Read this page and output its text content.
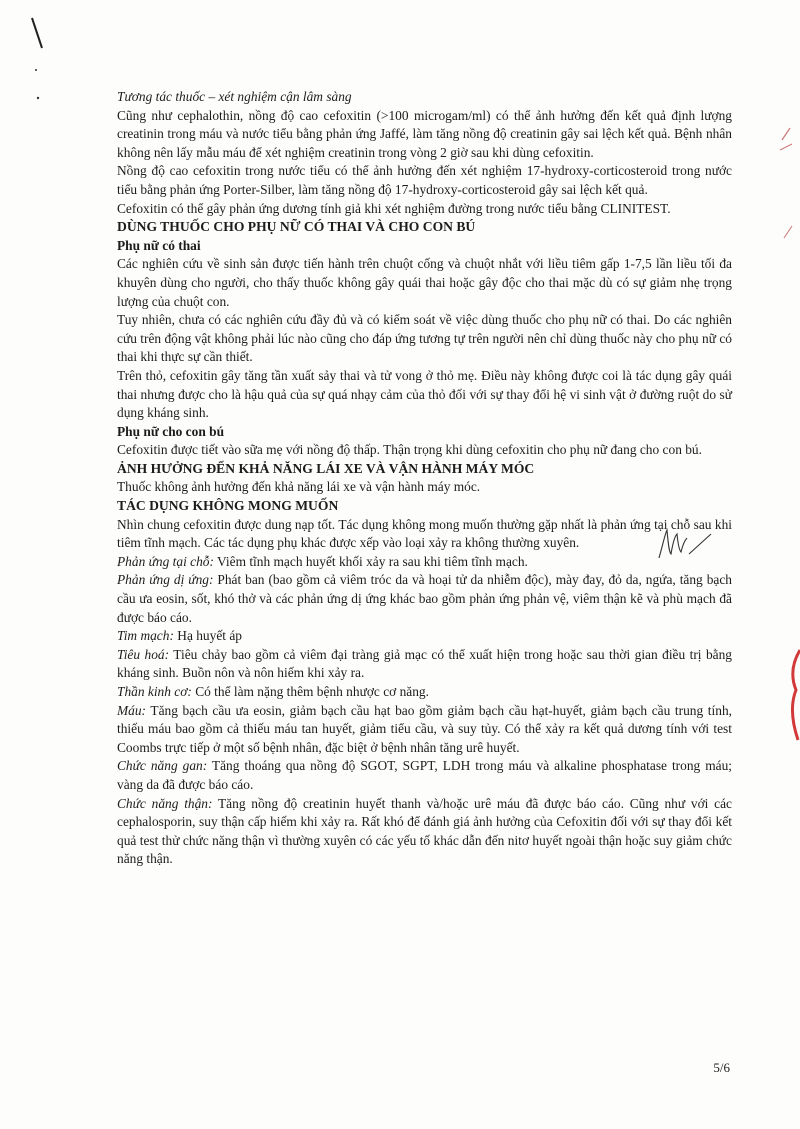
Tương tác thuốc – xét nghiệm cận lâm sàng

Cũng như cephalothin, nồng độ cao cefoxitin (>100 microgam/ml) có thể ảnh hưởng đến kết quả định lượng creatinin trong máu và nước tiểu bằng phản ứng Jaffé, làm tăng nồng độ creatinin gây sai lệch kết quả. Bệnh nhân không nên lấy mẫu máu để xét nghiệm creatinin trong vòng 2 giờ sau khi dùng cefoxitin.

Nồng độ cao cefoxitin trong nước tiểu có thể ảnh hưởng đến xét nghiệm 17-hydroxy-corticosteroid trong nước tiểu bằng phản ứng Porter-Silber, làm tăng nồng độ 17-hydroxy-corticosteroid gây sai lệch kết quả.

Cefoxitin có thể gây phản ứng dương tính giả khi xét nghiệm đường trong nước tiểu bằng CLINITEST.

DÙNG THUỐC CHO PHỤ NỮ CÓ THAI VÀ CHO CON BÚ

Phụ nữ có thai

Các nghiên cứu về sinh sản được tiến hành trên chuột cống và chuột nhắt với liều tiêm gấp 1-7,5 lần liều tối đa khuyên dùng cho người, cho thấy thuốc không gây quái thai hoặc gây độc cho thai mặc dù có sự giảm nhẹ trọng lượng của chuột con.

Tuy nhiên, chưa có các nghiên cứu đầy đủ và có kiểm soát về việc dùng thuốc cho phụ nữ có thai. Do các nghiên cứu trên động vật không phải lúc nào cũng cho đáp ứng tương tự trên người nên chỉ dùng thuốc này cho phụ nữ có thai khi thực sự cần thiết.

Trên thỏ, cefoxitin gây tăng tần xuất sảy thai và tử vong ở thỏ mẹ. Điều này không được coi là tác dụng gây quái thai nhưng được cho là hậu quả của sự quá nhạy cảm của thỏ đối với sự thay đổi hệ vi sinh vật ở đường ruột do sử dụng kháng sinh.

Phụ nữ cho con bú

Cefoxitin được tiết vào sữa mẹ với nồng độ thấp. Thận trọng khi dùng cefoxitin cho phụ nữ đang cho con bú.

ẢNH HƯỞNG ĐẾN KHẢ NĂNG LÁI XE VÀ VẬN HÀNH MÁY MÓC

Thuốc không ảnh hưởng đến khả năng lái xe và vận hành máy móc.

TÁC DỤNG KHÔNG MONG MUỐN

Nhìn chung cefoxitin được dung nạp tốt. Tác dụng không mong muốn thường gặp nhất là phản ứng tại chỗ sau khi tiêm tĩnh mạch. Các tác dụng phụ khác được xếp vào loại xảy ra không thường xuyên.

Phản ứng tại chỗ: Viêm tĩnh mạch huyết khối xảy ra sau khi tiêm tĩnh mạch.

Phản ứng dị ứng: Phát ban (bao gồm cả viêm tróc da và hoại tử da nhiễm độc), mày đay, đỏ da, ngứa, tăng bạch cầu ưa eosin, sốt, khó thở và các phản ứng dị ứng khác bao gồm phản ứng phản vệ, viêm thận kẽ và phù mạch đã được báo cáo.

Tim mạch: Hạ huyết áp

Tiêu hoá: Tiêu chảy bao gồm cả viêm đại tràng giả mạc có thể xuất hiện trong hoặc sau thời gian điều trị bằng kháng sinh. Buồn nôn và nôn hiếm khi xảy ra.

Thần kinh cơ: Có thể làm nặng thêm bệnh nhược cơ năng.

Máu: Tăng bạch cầu ưa eosin, giảm bạch cầu hạt bao gồm giảm bạch cầu hạt-huyết, giảm bạch cầu trung tính, thiếu máu bao gồm cả thiếu máu tan huyết, giảm tiểu cầu, và suy tủy. Có thể xảy ra kết quả dương tính với test Coombs trực tiếp ở một số bệnh nhân, đặc biệt ở bệnh nhân tăng urê huyết.

Chức năng gan: Tăng thoáng qua nồng độ SGOT, SGPT, LDH trong máu và alkaline phosphatase trong máu; vàng da đã được báo cáo.

Chức năng thận: Tăng nồng độ creatinin huyết thanh và/hoặc urê máu đã được báo cáo. Cũng như với các cephalosporin, suy thận cấp hiếm khi xảy ra. Rất khó để đánh giá ảnh hưởng của Cefoxitin đối với sự thay đổi kết quả test thử chức năng thận vì thường xuyên có các yếu tố khác dẫn đến nitơ huyết ngoài thận hoặc suy giảm chức năng thận.

5/6
